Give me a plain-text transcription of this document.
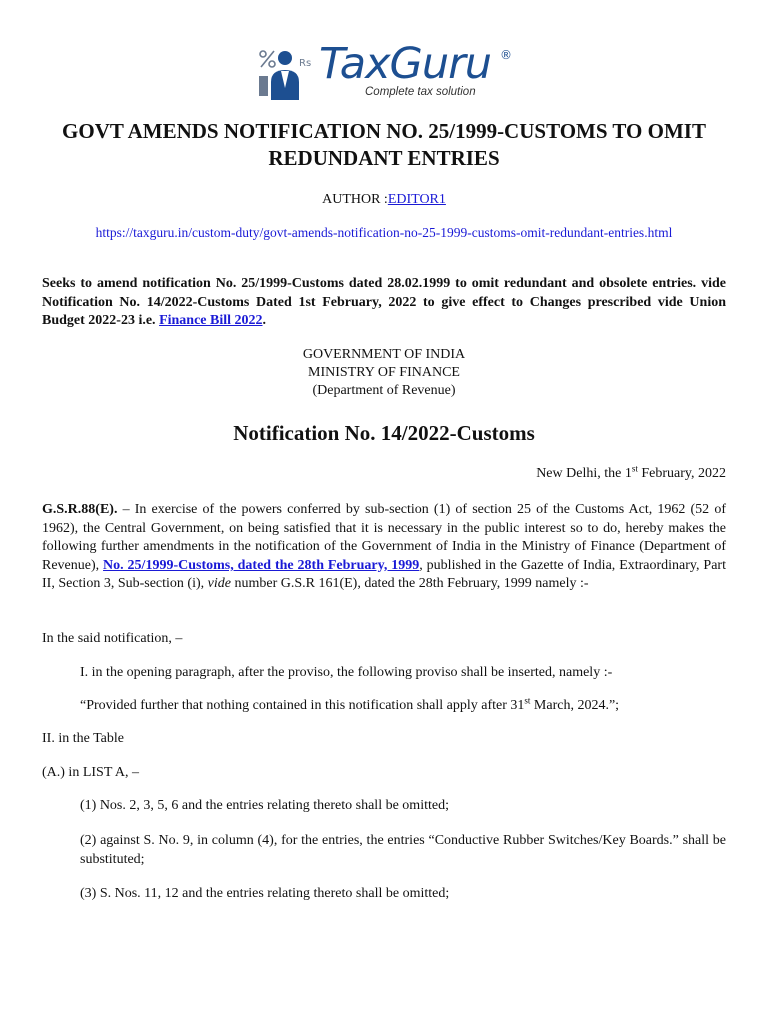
Rs TaxGuru ®
Complete tax solution
GOVT AMENDS NOTIFICATION NO. 25/1999-CUSTOMS TO OMIT REDUNDANT ENTRIES
AUTHOR :EDITOR1
https://taxguru.in/custom-duty/govt-amends-notification-no-25-1999-customs-omit-redundant-entries.html
Seeks to amend notification No. 25/1999-Customs dated 28.02.1999 to omit redundant and obsolete entries. vide Notification No. 14/2022-Customs Dated 1st February, 2022 to give effect to Changes prescribed vide Union Budget 2022-23 i.e. Finance Bill 2022.
GOVERNMENT OF INDIA
MINISTRY OF FINANCE
(Department of Revenue)
Notification No. 14/2022-Customs
New Delhi, the 1st February, 2022
G.S.R.88(E). – In exercise of the powers conferred by sub-section (1) of section 25 of the Customs Act, 1962 (52 of 1962), the Central Government, on being satisfied that it is necessary in the public interest so to do, hereby makes the following further amendments in the notification of the Government of India in the Ministry of Finance (Department of Revenue), No. 25/1999-Customs, dated the 28th February, 1999, published in the Gazette of India, Extraordinary, Part II, Section 3, Sub-section (i), vide number G.S.R 161(E), dated the 28th February, 1999 namely :-
In the said notification, –
I. in the opening paragraph, after the proviso, the following proviso shall be inserted, namely :-
“Provided further that nothing contained in this notification shall apply after 31st March, 2024.”;
II. in the Table
(A.) in LIST A, –
(1) Nos. 2, 3, 5, 6 and the entries relating thereto shall be omitted;
(2) against S. No. 9, in column (4), for the entries, the entries “Conductive Rubber Switches/Key Boards.” shall be substituted;
(3) S. Nos. 11, 12 and the entries relating thereto shall be omitted;
